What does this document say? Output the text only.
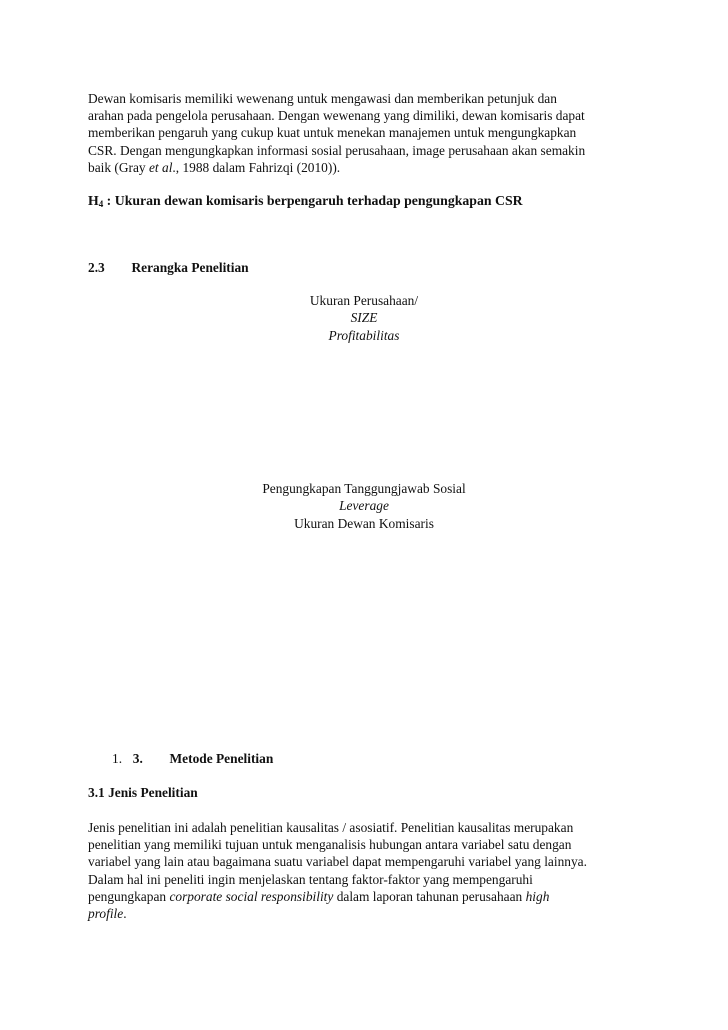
Dewan komisaris memiliki wewenang untuk mengawasi dan memberikan petunjuk dan
arahan pada pengelola perusahaan. Dengan wewenang yang dimiliki, dewan komisaris dapat
memberikan pengaruh yang cukup kuat untuk menekan manajemen untuk mengungkapkan
CSR. Dengan mengungkapkan informasi sosial perusahaan, image perusahaan akan semakin
baik (Gray et al., 1988 dalam Fahrizqi (2010)).

$H_4$ : Ukuran dewan komisaris berpengaruh terhadap pengungkapan CSR
2.3 Rerangka Penelitian
Ukuran Perusahaan/
SIZE
Profitabilitas
Pengungkapan Tanggungjawab Sosial
Leverage
Ukuran Dewan Komisaris
1. 3. Metode Penelitian
3.1 Jenis Penelitian

Jenis penelitian ini adalah penelitian kausalitas / asosiatif. Penelitian kausalitas merupakan
penelitian yang memiliki tujuan untuk menganalisis hubungan antara variabel satu dengan
variabel yang lain atau bagaimana suatu variabel dapat mempengaruhi variabel yang lainnya.
Dalam hal ini peneliti ingin menjelaskan tentang faktor-faktor yang mempengaruhi
pengungkapan corporate social responsibility dalam laporan tahunan perusahaan high
profile.
